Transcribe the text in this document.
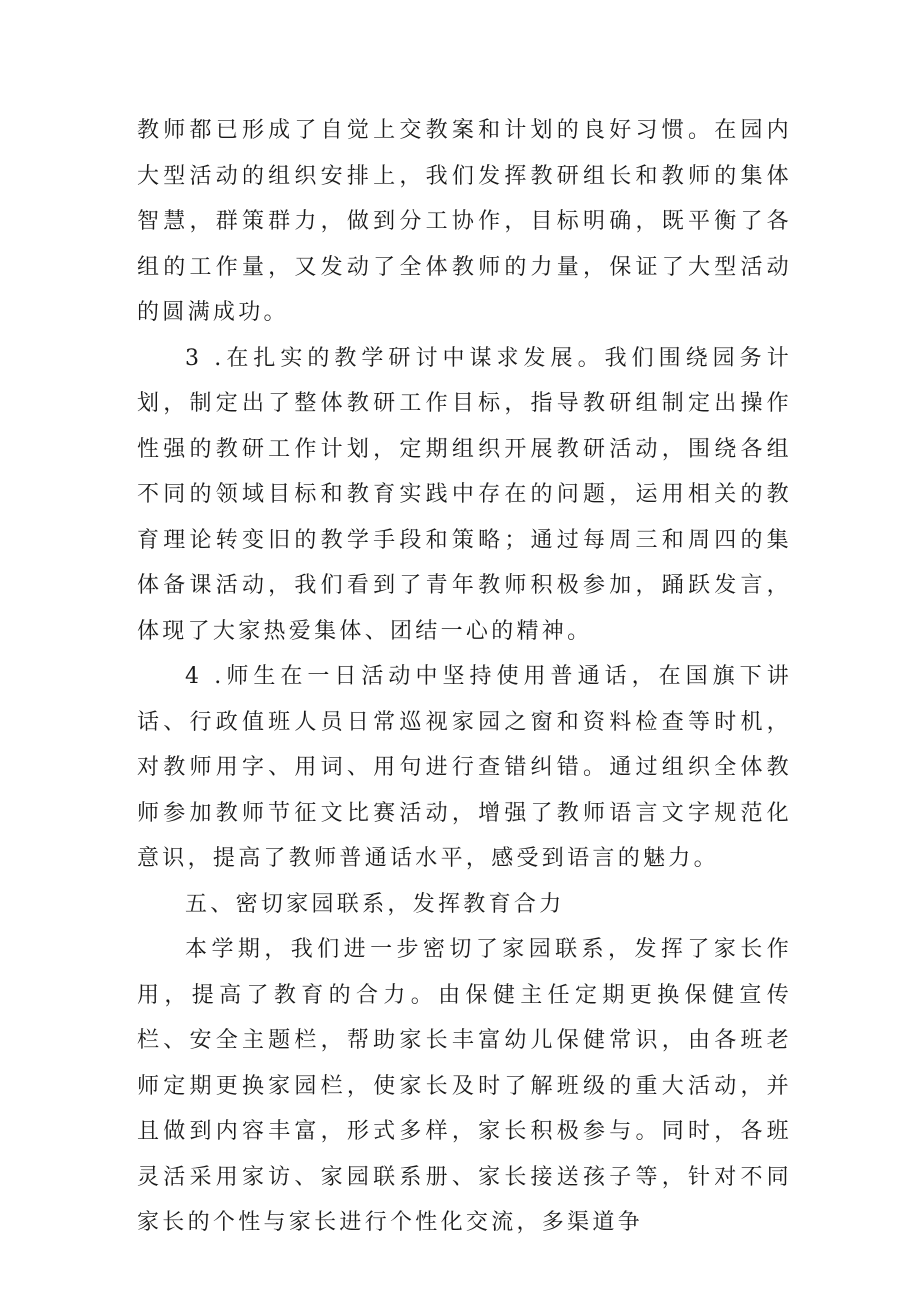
教师都已形成了自觉上交教案和计划的良好习惯。在园内大型活动的组织安排上，我们发挥教研组长和教师的集体智慧，群策群力，做到分工协作，目标明确，既平衡了各组的工作量，又发动了全体教师的力量，保证了大型活动的圆满成功。

3 .在扎实的教学研讨中谋求发展。我们围绕园务计划，制定出了整体教研工作目标，指导教研组制定出操作性强的教研工作计划，定期组织开展教研活动，围绕各组不同的领域目标和教育实践中存在的问题，运用相关的教育理论转变旧的教学手段和策略；通过每周三和周四的集体备课活动，我们看到了青年教师积极参加，踊跃发言，体现了大家热爱集体、团结一心的精神。

4 .师生在一日活动中坚持使用普通话，在国旗下讲话、行政值班人员日常巡视家园之窗和资料检查等时机，对教师用字、用词、用句进行查错纠错。通过组织全体教师参加教师节征文比赛活动，增强了教师语言文字规范化意识，提高了教师普通话水平，感受到语言的魅力。

五、密切家园联系，发挥教育合力

本学期，我们进一步密切了家园联系，发挥了家长作用，提高了教育的合力。由保健主任定期更换保健宣传栏、安全主题栏，帮助家长丰富幼儿保健常识，由各班老师定期更换家园栏，使家长及时了解班级的重大活动，并且做到内容丰富，形式多样，家长积极参与。同时，各班灵活采用家访、家园联系册、家长接送孩子等，针对不同家长的个性与家长进行个性化交流，多渠道争
